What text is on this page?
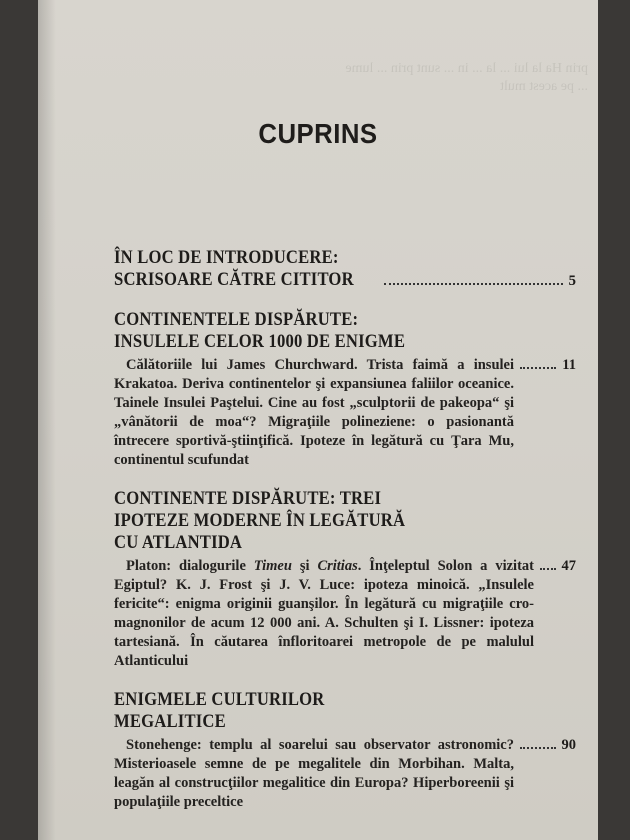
prin Ha la lui ... la ... in ... sunt prin ... lume ... pe acest mult
CUPRINS
ÎN LOC DE INTRODUCERE:
SCRISOARE CĂTRE CITITOR	5
CONTINENTELE DISPĂRUTE:
INSULELE CELOR 1000 DE ENIGME
Călătoriile lui James Churchward. Trista faimă a insulei Krakatoa. Deriva continentelor şi expansiunea faliilor oceanice. Tainele Insulei Paştelui. Cine au fost „sculptorii de pakeopa“ şi „vânătorii de moa“? Migraţiile polineziene: o pasionantă întrecere sportivă-ştiinţifică. Ipoteze în legătură cu Ţara Mu, continentul scufundat
11
CONTINENTE DISPĂRUTE: TREI
IPOTEZE MODERNE ÎN LEGĂTURĂ
CU ATLANTIDA
Platon: dialogurile Timeu şi Critias. Înţeleptul Solon a vizitat Egiptul? K. J. Frost şi J. V. Luce: ipoteza minoică. „Insulele fericite“: enigma originii guanşilor. În legătură cu migraţiile cro-magnonilor de acum 12 000 ani. A. Schulten şi I. Lissner: ipoteza tartesiană. În căutarea înfloritoarei metropole de pe malulul Atlanticului
47
ENIGMELE CULTURILOR
MEGALITICE
Stonehenge: templu al soarelui sau observator astronomic? Misterioasele semne de pe megalitele din Morbihan. Malta, leagăn al construcţiilor megalitice din Europa? Hiperboreenii şi populaţiile preceltice
90
